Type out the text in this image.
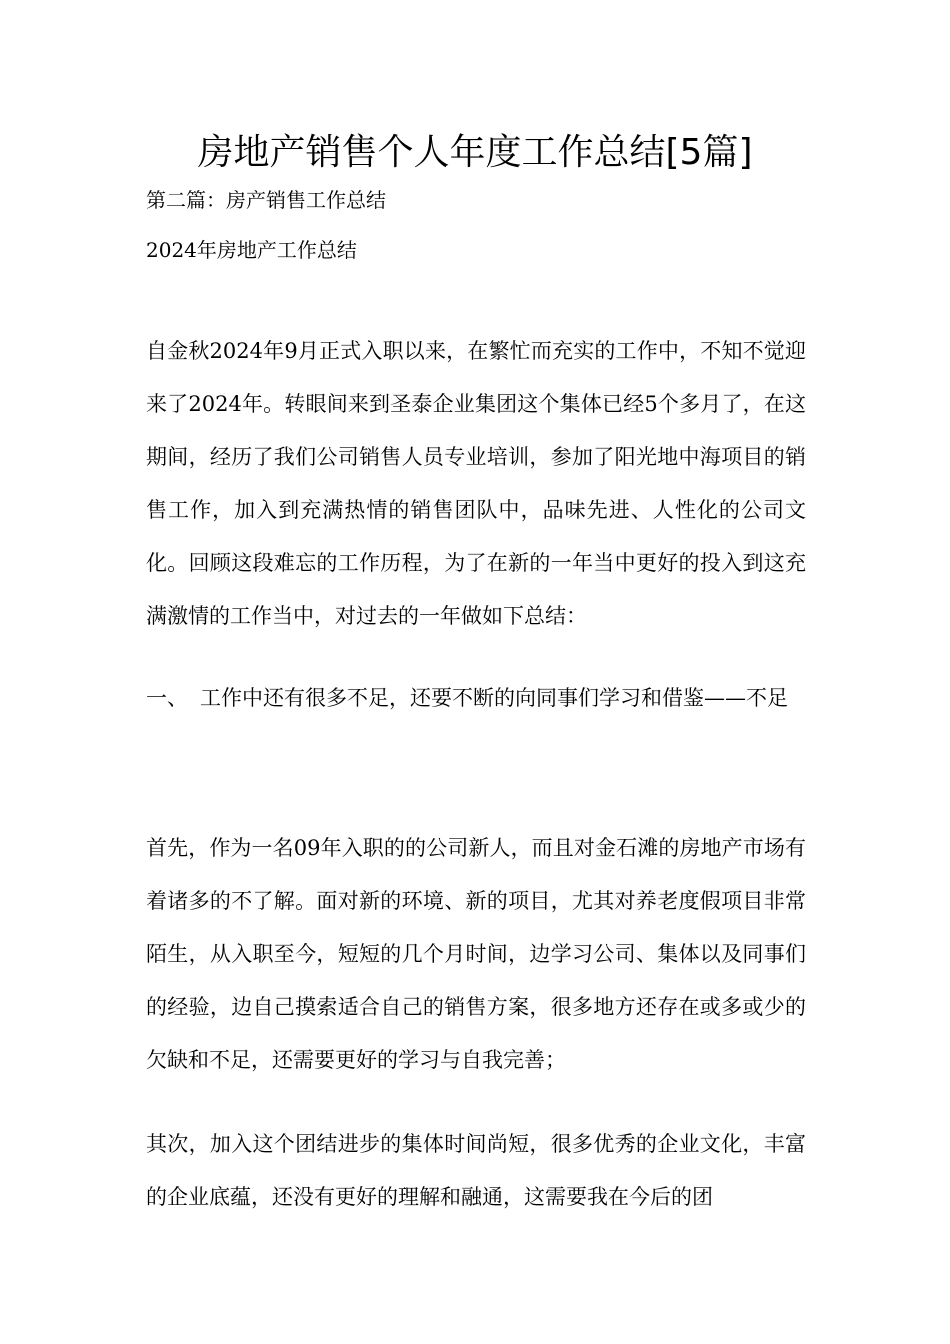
房地产销售个人年度工作总结[5篇]

第二篇：房产销售工作总结

2024年房地产工作总结

自金秋2024年9月正式入职以来，在繁忙而充实的工作中，不知不觉迎来了2024年。转眼间来到圣泰企业集团这个集体已经5个多月了，在这期间，经历了我们公司销售人员专业培训，参加了阳光地中海项目的销售工作，加入到充满热情的销售团队中，品味先进、人性化的公司文化。回顾这段难忘的工作历程，为了在新的一年当中更好的投入到这充满激情的工作当中，对过去的一年做如下总结：

一、 工作中还有很多不足，还要不断的向同事们学习和借鉴——不足

首先，作为一名09年入职的的公司新人，而且对金石滩的房地产市场有着诸多的不了解。面对新的环境、新的项目，尤其对养老度假项目非常陌生，从入职至今，短短的几个月时间，边学习公司、集体以及同事们的经验，边自己摸索适合自己的销售方案，很多地方还存在或多或少的欠缺和不足，还需要更好的学习与自我完善；

其次，加入这个团结进步的集体时间尚短，很多优秀的企业文化，丰富的企业底蕴，还没有更好的理解和融通，这需要我在今后的团
